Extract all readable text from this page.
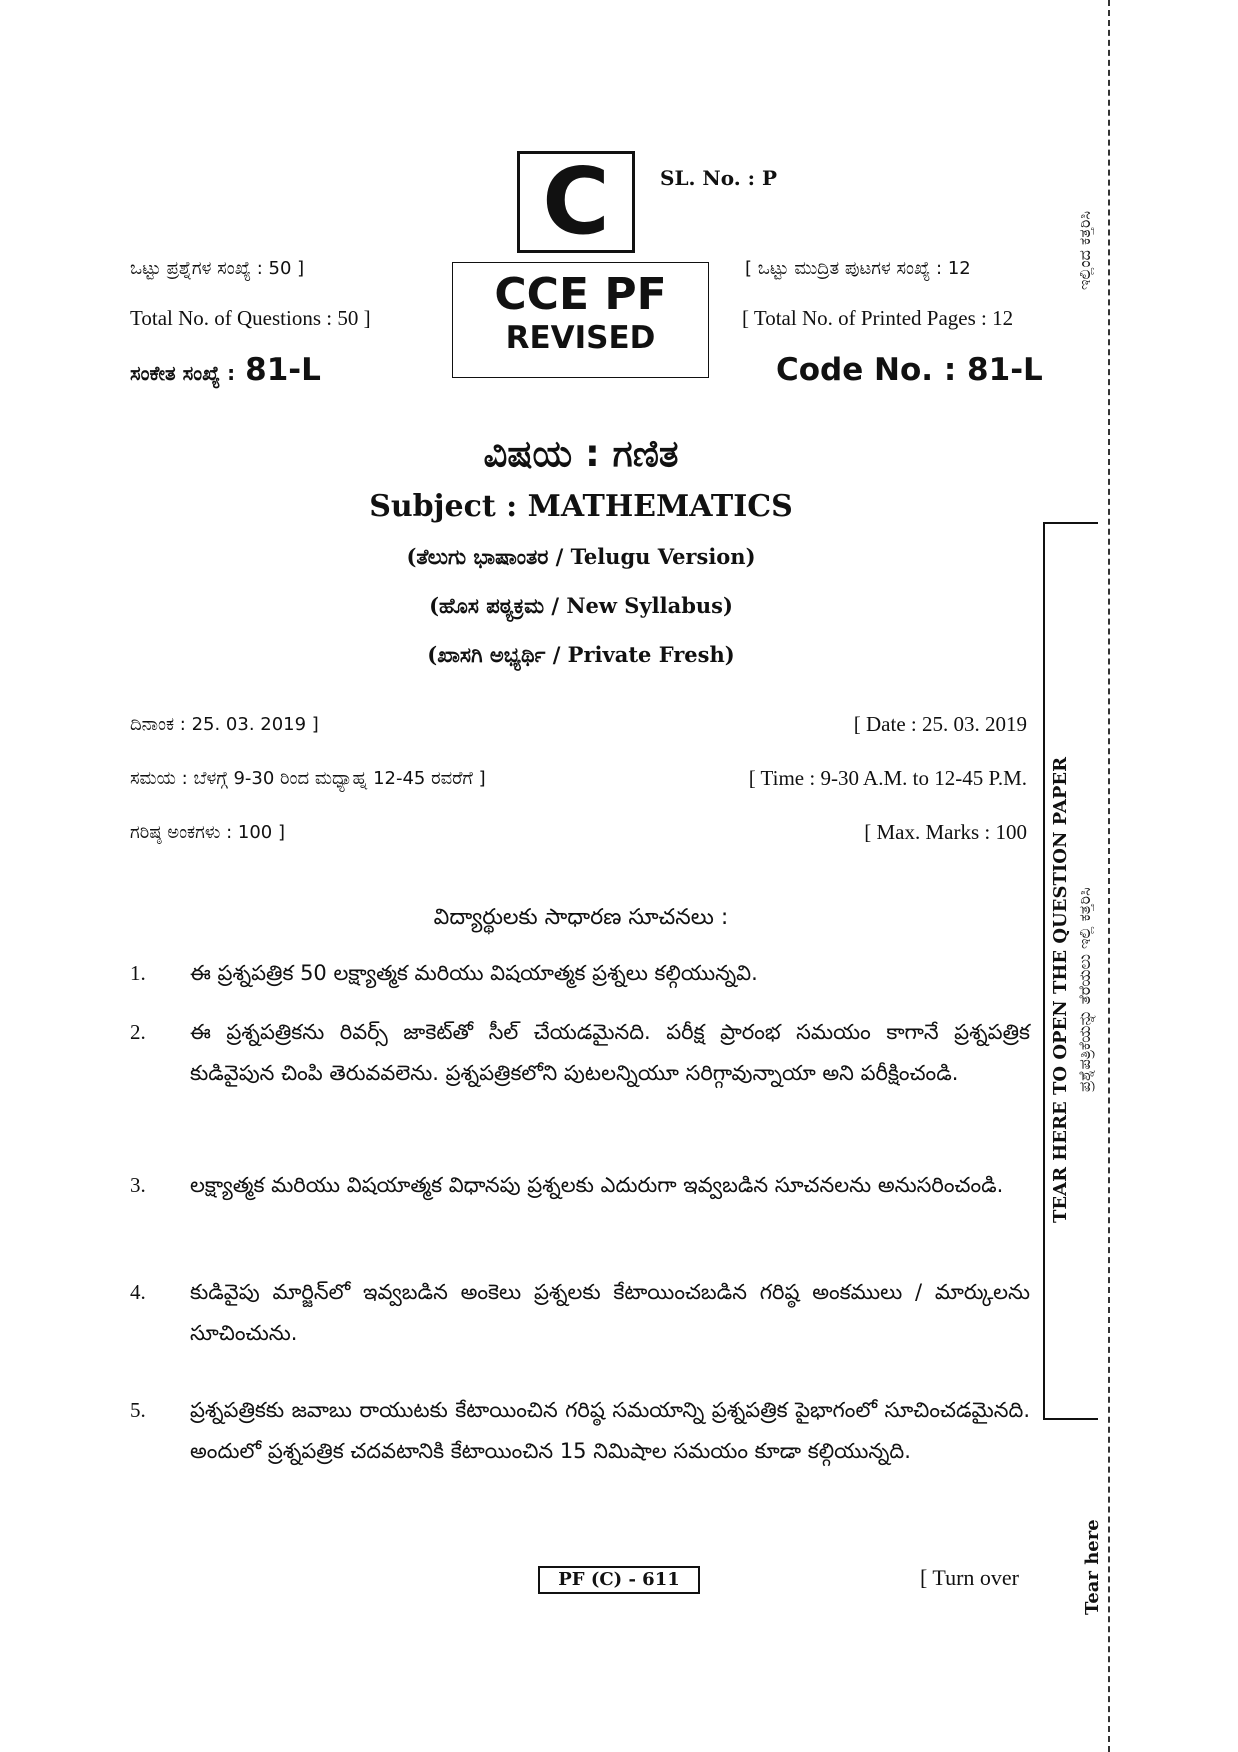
C	SL. No. : P
CCE PF
REVISED
ಒಟ್ಟು ಪ್ರಶ್ನೆಗಳ ಸಂಖ್ಯೆ : 50 ]
Total No. of Questions : 50 ]
ಸಂಕೇತ ಸಂಖ್ಯೆ : 81-L
[ ಒಟ್ಟು ಮುದ್ರಿತ ಪುಟಗಳ ಸಂಖ್ಯೆ : 12
[ Total No. of Printed Pages : 12
Code No. : 81-L
ವಿಷಯ : ಗಣಿತ
Subject : MATHEMATICS
(ತೆಲುಗು ಭಾಷಾಂತರ / Telugu Version)
(ಹೊಸ ಪಠ್ಯಕ್ರಮ / New Syllabus)
(ಖಾಸಗಿ ಅಭ್ಯರ್ಥಿ / Private Fresh)
ದಿನಾಂಕ : 25. 03. 2019 ]	[ Date : 25. 03. 2019
ಸಮಯ : ಬೆಳಗ್ಗೆ 9-30 ರಿಂದ ಮಧ್ಯಾಹ್ನ 12-45 ರವರೆಗೆ ]	[ Time : 9-30 A.M. to 12-45 P.M.
ಗರಿಷ್ಠ ಅಂಕಗಳು : 100 ]	[ Max. Marks : 100
విద్యార్థులకు సాధారణ సూచనలు :
1. ఈ ప్రశ్నపత్రిక 50 లక్ష్యాత్మక మరియు విషయాత్మక ప్రశ్నలు కల్గియున్నవి.
2. ఈ ప్రశ్నపత్రికను రివర్స్ జాకెట్‌తో సీల్ చేయడమైనది. పరీక్ష ప్రారంభ సమయం కాగానే ప్రశ్నపత్రిక కుడివైపున చింపి తెరువవలెను. ప్రశ్నపత్రికలోని పుటలన్నియూ సరిగ్గావున్నాయా అని పరీక్షించండి.
3. లక్ష్యాత్మక మరియు విషయాత్మక విధానపు ప్రశ్నలకు ఎదురుగా ఇవ్వబడిన సూచనలను అనుసరించండి.
4. కుడివైపు మార్జిన్‌లో ఇవ్వబడిన అంకెలు ప్రశ్నలకు కేటాయించబడిన గరిష్ఠ అంకములు / మార్కులను సూచించును.
5. ప్రశ్నపత్రికకు జవాబు రాయుటకు కేటాయించిన గరిష్ఠ సమయాన్ని ప్రశ్నపత్రిక పైభాగంలో సూచించడమైనది. అందులో ప్రశ్నపత్రిక చదవటానికి కేటాయించిన 15 నిమిషాల సమయం కూడా కల్గియున్నది.
PF (C) - 611	[ Turn over
TEAR HERE TO OPEN THE QUESTION PAPER ಪ್ರಶ್ನೆಪತ್ರಿಕೆಯನ್ನು ತೆರೆಯಲು ಇಲ್ಲಿ ಕತ್ತರಿಸಿ
ಇಲ್ಲಿಂದ ಕತ್ತರಿಸಿ
Tear here
